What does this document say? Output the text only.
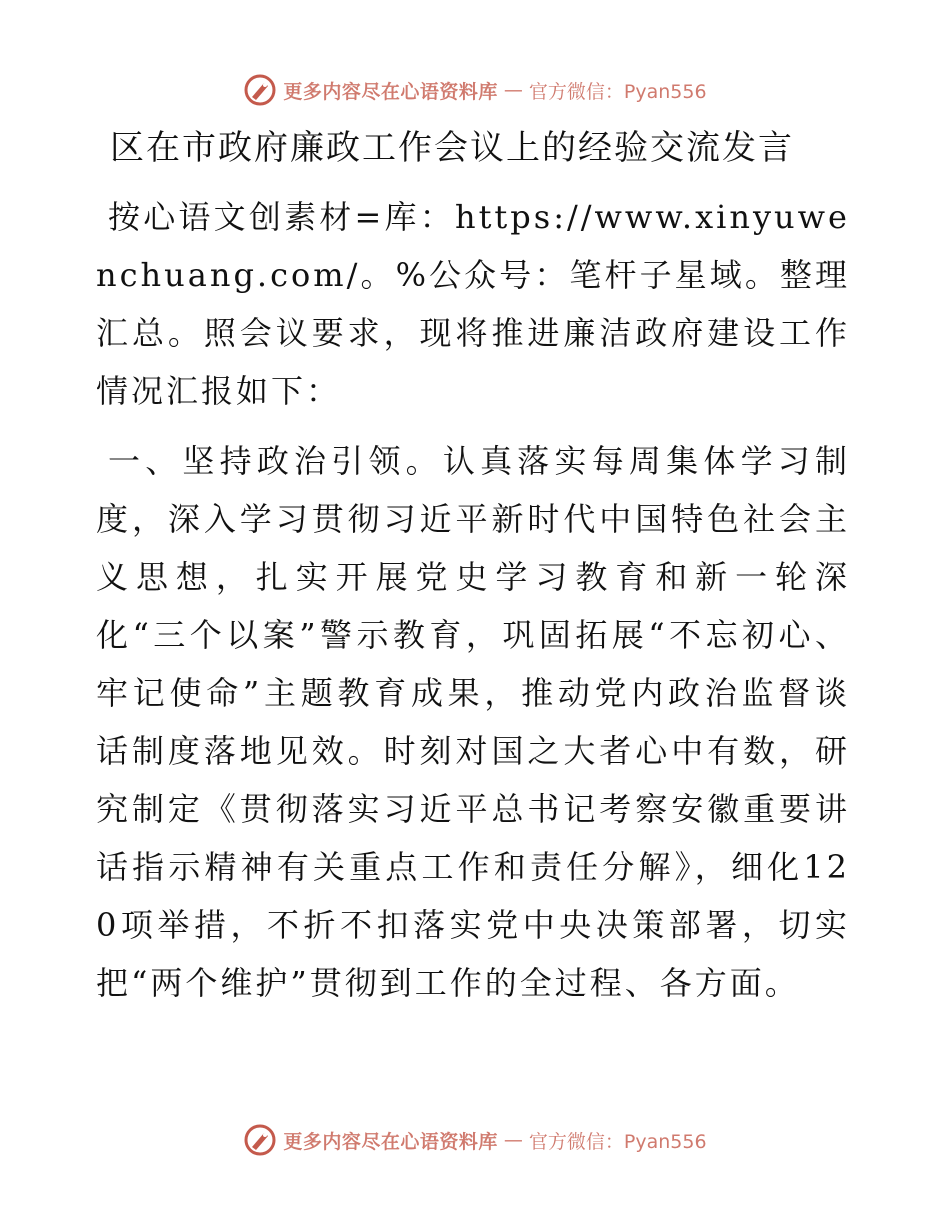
更多内容尽在心语资料库 — 官方微信：Pyan556
区在市政府廉政工作会议上的经验交流发言

按心语文创素材=库：https://www.xinyuwenchuang.com/。%公众号：笔杆子星域。整理汇总。照会议要求，现将推进廉洁政府建设工作情况汇报如下：

一、坚持政治引领。认真落实每周集体学习制度，深入学习贯彻习近平新时代中国特色社会主义思想，扎实开展党史学习教育和新一轮深化“三个以案”警示教育，巩固拓展“不忘初心、牢记使命”主题教育成果，推动党内政治监督谈话制度落地见效。时刻对国之大者心中有数，研究制定《贯彻落实习近平总书记考察安徽重要讲话指示精神有关重点工作和责任分解》，细化120项举措，不折不扣落实党中央决策部署，切实把“两个维护”贯彻到工作的全过程、各方面。

更多内容尽在心语资料库 — 官方微信：Pyan556
